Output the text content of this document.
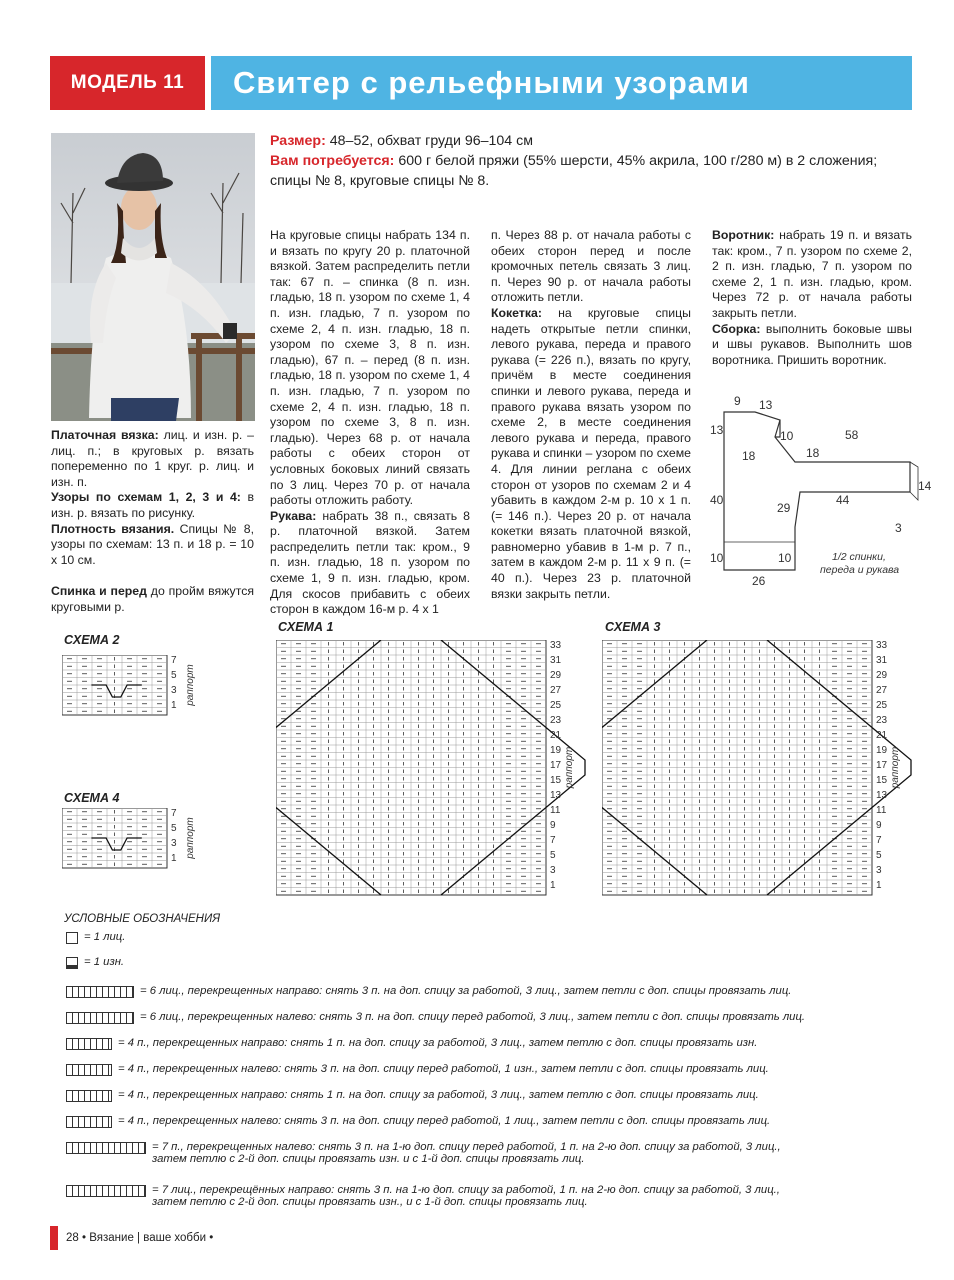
МОДЕЛЬ 11	Свитер с рельефными узорами
Размер: 48–52, обхват груди 96–104 см
Вам потребуется: 600 г белой пряжи (55% шерсти, 45% акрила, 100 г/280 м) в 2 сложения; спицы № 8, круговые спицы № 8.

Платочная вязка: лиц. и изн. р. – лиц. п.; в круговых р. вязать попеременно по 1 круг. р. лиц. и изн. п.

Узоры по схемам 1, 2, 3 и 4: в изн. р. вязать по рисунку.

Плотность вязания. Спицы № 8, узоры по схемам: 13 п. и 18 р. = 10 х 10 см.

Спинка и перед до пройм вяжутся круговыми р.

На круговые спицы набрать 134 п. и вязать по кругу 20 р. платочной вязкой. Затем распределить петли так: 67 п. – спинка (8 п. изн. гладью, 18 п. узором по схеме 1, 4 п. изн. гладью, 7 п. узором по схеме 2, 4 п. изн. гладью, 18 п. узором по схеме 3, 8 п. изн. гладью), 67 п. – перед (8 п. изн. гладью, 18 п. узором по схеме 1, 4 п. изн. гладью, 7 п. узором по схеме 2, 4 п. изн. гладью, 18 п. узором по схеме 3, 8 п. изн. гладью). Через 68 р. от начала работы с обеих сторон от условных боковых линий связать по 3 лиц. Через 70 р. от начала работы отложить работу.

Рукава: набрать 38 п., связать 8 р. платочной вязкой. Затем распределить петли так: кром., 9 п. изн. гладью, 18 п. узором по схеме 1, 9 п. изн. гладью, кром. Для скосов прибавить с обеих сторон в каждом 16-м р. 4 х 1

п. Через 88 р. от начала работы с обеих сторон перед и после кромочных петель связать 3 лиц. п. Через 90 р. от начала работы отложить петли.

Кокетка: на круговые спицы надеть открытые петли спинки, левого рукава, переда и правого рукава (= 226 п.), вязать по кругу, причём в месте соединения спинки и левого рукава, переда и правого рукава вязать узором по схеме 2, в месте соединения левого рукава и переда, правого рукава и спинки – узором по схеме 4. Для линии реглана с обеих сторон от узоров по схемам 2 и 4 убавить в каждом 2-м р. 10 х 1 п. (= 146 п.). Через 20 р. от начала кокетки вязать платочной вязкой, равномерно убавив в 1-м р. 7 п., затем в каждом 2-м р. 11 х 9 п. (= 40 п.). Через 23 р. платочной вязки закрыть петли.

Воротник: набрать 19 п. и вязать так: кром., 7 п. узором по схеме 2, 2 п. изн. гладью, 7 п. узором по схеме 2, 1 п. изн. гладью, кром. Через 72 р. от начала работы закрыть петли.

Сборка: выполнить боковые швы и швы рукавов. Выполнить шов воротника. Пришить воротник.

9 13
13	10	58
18	18
40
29
44
14
3
10	10
26
1/2 спинки,
переда и рукава
СХЕМА 2
СХЕМА 1	СХЕМА 3
СХЕМА 4
7
5
3
1 раппорт
7
5
3
1 раппорт
33
31
29
27
25
23
21
19
17
15
13
11
9
7
5
3
1
раппорт
33
31
29
27
25
23
21
19
17
15
13
11
9
7
5
3
1
раппорт
УСЛОВНЫЕ ОБОЗНАЧЕНИЯ
= 1 лиц.
= 1 изн.
= 6 лиц., перекрещенных направо: снять 3 п. на доп. спицу за работой, 3 лиц., затем петли с доп. спицы провязать лиц.
= 6 лиц., перекрещенных налево: снять 3 п. на доп. спицу перед работой, 3 лиц., затем петли с доп. спицы провязать лиц.
= 4 п., перекрещенных направо: снять 1 п. на доп. спицу за работой, 3 лиц., затем петлю с доп. спицы провязать изн.
= 4 п., перекрещенных налево: снять 3 п. на доп. спицу перед работой, 1 изн., затем петли с доп. спицы провязать лиц.
= 4 п., перекрещенных направо: снять 1 п. на доп. спицу за работой, 3 лиц., затем петлю с доп. спицы провязать лиц.
= 4 п., перекрещенных налево: снять 3 п. на доп. спицу перед работой, 1 лиц., затем петли с доп. спицы провязать лиц.
= 7 п., перекрещенных налево: снять 3 п. на 1-ю доп. спицу перед работой, 1 п. на 2-ю доп. спицу за работой, 3 лиц.,
затем петлю с 2-й доп. спицы провязать изн. и с 1-й доп. спицы провязать лиц.
= 7 лиц., перекрещённых направо: снять 3 п. на 1-ю доп. спицу за работой, 1 п. на 2-ю доп. спицу за работой, 3 лиц.,
затем петлю с 2-й доп. спицы провязать изн., и с 1-й доп. спицы провязать лиц.
28
•
Вязание | ваше хобби
•
